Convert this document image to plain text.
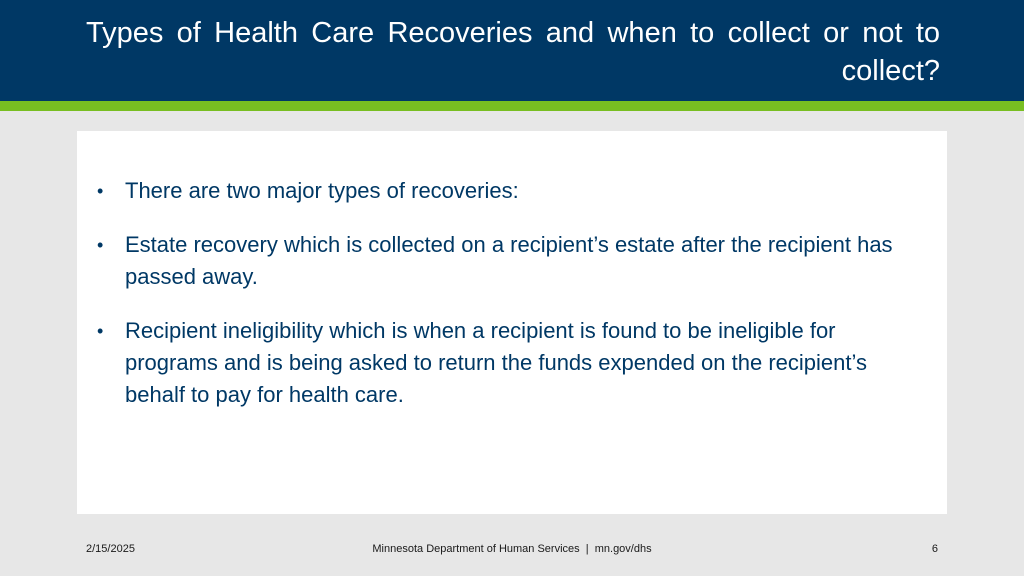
Types of Health Care Recoveries and when to collect or not to collect?
• There are two major types of recoveries:
• Estate recovery which is collected on a recipient’s estate after the recipient has passed away.
• Recipient ineligibility which is when a recipient is found to be ineligible for programs and is being asked to return the funds expended on the recipient’s behalf to pay for health care.
2/15/2025	Minnesota Department of Human Services  |  mn.gov/dhs	6
